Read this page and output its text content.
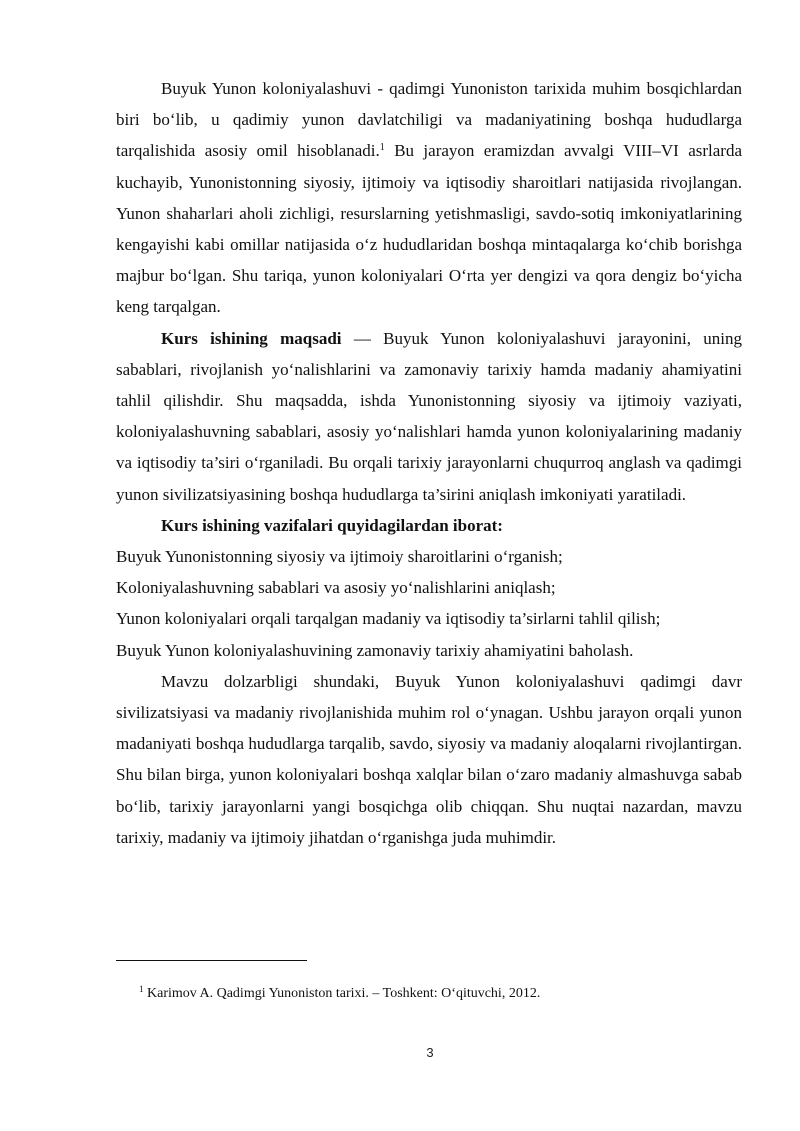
Buyuk Yunon koloniyalashuvi - qadimgi Yunoniston tarixida muhim bosqichlardan biri bo‘lib, u qadimiy yunon davlatchiligi va madaniyatining boshqa hududlarga tarqalishida asosiy omil hisoblanadi.$^1$ Bu jarayon eramizdan avvalgi VIII–VI asrlarda kuchayib, Yunonistonning siyosiy, ijtimoiy va iqtisodiy sharoitlari natijasida rivojlangan. Yunon shaharlari aholi zichligi, resurslarning yetishmasligi, savdo-sotiq imkoniyatlarining kengayishi kabi omillar natijasida o‘z hududlaridan boshqa mintaqalarga ko‘chib borishga majbur bo‘lgan. Shu tariqa, yunon koloniyalari O‘rta yer dengizi va qora dengiz bo‘yicha keng tarqalgan.

Kurs ishining maqsadi — Buyuk Yunon koloniyalashuvi jarayonini, uning sabablari, rivojlanish yo‘nalishlarini va zamonaviy tarixiy hamda madaniy ahamiyatini tahlil qilishdir. Shu maqsadda, ishda Yunonistonning siyosiy va ijtimoiy vaziyati, koloniyalashuvning sabablari, asosiy yo‘nalishlari hamda yunon koloniyalarining madaniy va iqtisodiy ta’siri o‘rganiladi. Bu orqali tarixiy jarayonlarni chuqurroq anglash va qadimgi yunon sivilizatsiyasining boshqa hududlarga ta’sirini aniqlash imkoniyati yaratiladi.

Kurs ishining vazifalari quyidagilardan iborat:

Buyuk Yunonistonning siyosiy va ijtimoiy sharoitlarini o‘rganish;

Koloniyalashuvning sabablari va asosiy yo‘nalishlarini aniqlash;

Yunon koloniyalari orqali tarqalgan madaniy va iqtisodiy ta’sirlarni tahlil qilish;

Buyuk Yunon koloniyalashuvining zamonaviy tarixiy ahamiyatini baholash.

Mavzu dolzarbligi shundaki, Buyuk Yunon koloniyalashuvi qadimgi davr sivilizatsiyasi va madaniy rivojlanishida muhim rol o‘ynagan. Ushbu jarayon orqali yunon madaniyati boshqa hududlarga tarqalib, savdo, siyosiy va madaniy aloqalarni rivojlantirgan. Shu bilan birga, yunon koloniyalari boshqa xalqlar bilan o‘zaro madaniy almashuvga sabab bo‘lib, tarixiy jarayonlarni yangi bosqichga olib chiqqan. Shu nuqtai nazardan, mavzu tarixiy, madaniy va ijtimoiy jihatdan o‘rganishga juda muhimdir.

$^1$ Karimov A. Qadimgi Yunoniston tarixi. – Toshkent: O‘qituvchi, 2012.
3
